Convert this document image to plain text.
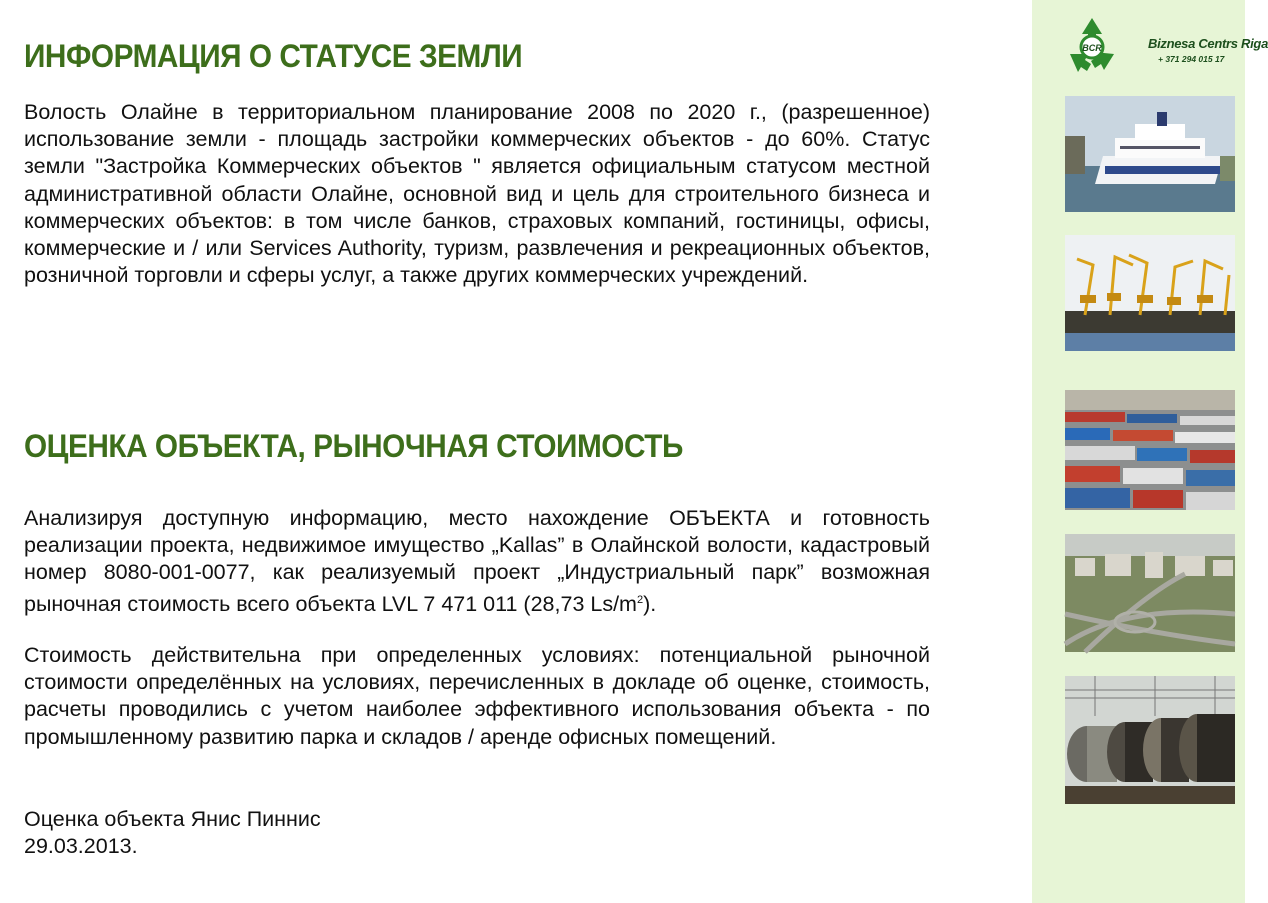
ИНФОРМАЦИЯ О СТАТУСЕ ЗЕМЛИ

Волость Олайне в территориальном планирование 2008 по 2020 г., (разрешенное) использование земли - площадь застройки коммерческих объектов - до 60%. Статус земли "Застройка Коммерческих объектов " является официальным статусом местной административной области Олайне, основной вид и цель для строительного бизнеса и коммерческих объектов: в том числе банков, страховых компаний, гостиницы, офисы, коммерческие и / или Services Authority, туризм, развлечения и рекреационных объектов, розничной торговли и сферы услуг, а также других коммерческих учреждений.

ОЦЕНКА ОБЪЕКТА, РЫНОЧНАЯ СТОИМОСТЬ

Анализируя доступную информацию, место нахождение ОБЪЕКТА и готовность реализации проекта, недвижимое имущество „Kallas” в Олайнской волости, кадастровый номер 8080-001-0077, как реализуемый проект „Индустриальный парк” возможная рыночная стоимость всего объекта LVL 7 471 011 (28,73 $Ls/m^2$).

Стоимость действительна при определенных условиях: потенциальной рыночной стоимости определённых на условиях, перечисленных в докладе об оценке, стоимость, расчеты проводились с учетом наиболее эффективного использования объекта - по промышленному развитию парка и складов / аренде офисных помещений.

Оценка объекта Янис Пиннис
29.03.2013.

BCR	Biznesa Centrs Riga
+ 371 294 015 17
